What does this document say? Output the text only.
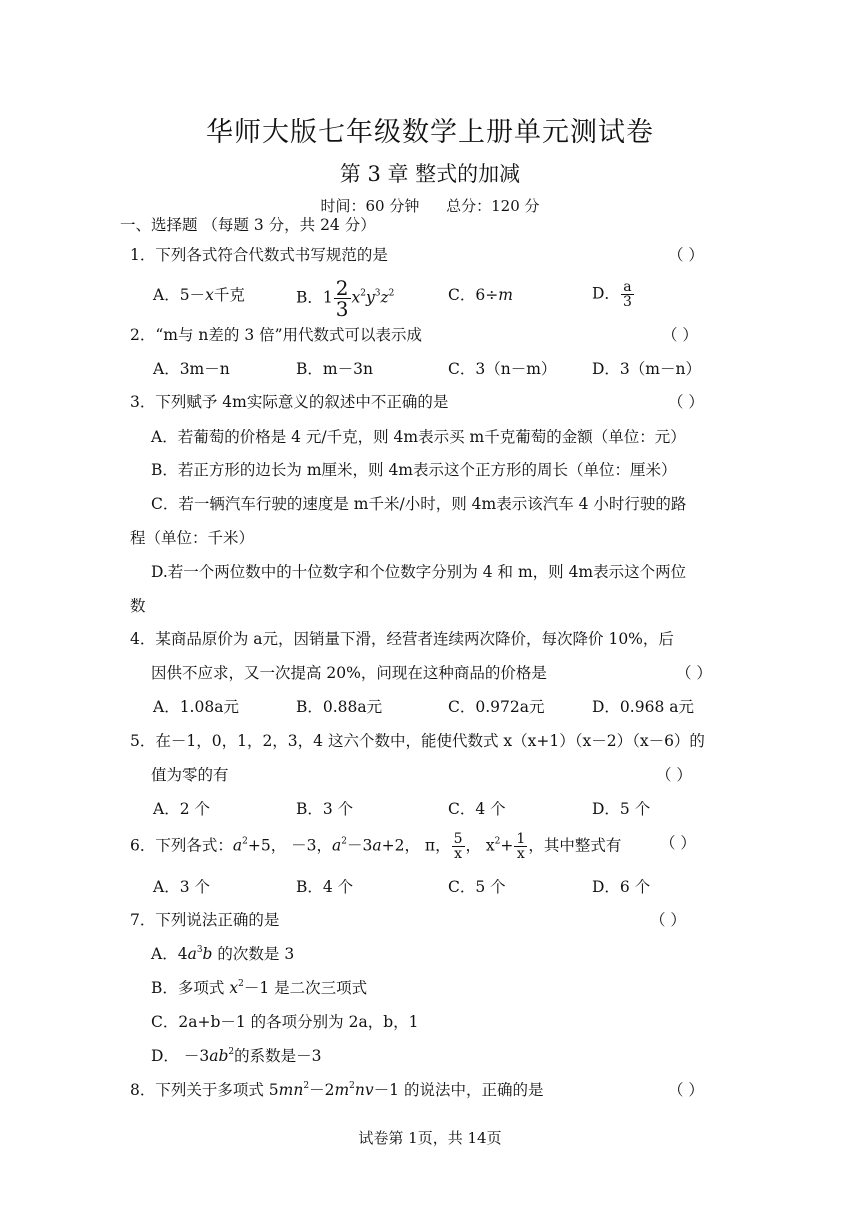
华师大版七年级数学上册单元测试卷
第 3 章 整式的加减
时间：60 分钟 总分：120 分
一、选择题 （每题 3 分，共 24 分）
1．下列各式符合代数式书写规范的是	（ ）
A．5－x千克	B．$1 \frac{2}{3} x^2y^3z^2$	C．6÷m	D． $\frac{a}{3}$
2．“m与 n差的 3 倍”用代数式可以表示成	（ ）
A．3m－n	B．m－3n	C．3（n－m） D．3（m－n）
3．下列赋予 4m实际意义的叙述中不正确的是	（ ）
A．若葡萄的价格是 4 元/千克，则 4m表示买 m千克葡萄的金额（单位：元）
B．若正方形的边长为 m厘米，则 4m表示这个正方形的周长（单位：厘米）
C．若一辆汽车行驶的速度是 m千米/小时，则 4m表示该汽车 4 小时行驶的路
程（单位：千米）
D.若一个两位数中的十位数字和个位数字分别为 4 和 m，则 4m表示这个两位
数
4．某商品原价为 a元，因销量下滑，经营者连续两次降价，每次降价 10%，后
因供不应求，又一次提高 20%，问现在这种商品的价格是	（ ）
A．1.08a元	B．0.88a元	C．0.972a元	D．0.968 a元
5．在－1，0，1，2，3，4 这六个数中，能使代数式 x（x+1）（x－2）（x－6）的
值为零的有	（ ）
A．2 个	B．3 个	C．4 个	D．5 个
6．下列各式：$a^2+5$， －3，$a^2-3a+2$， π， $\frac{5}{x}$ ， $x^2+ \frac{1}{x}$ ，其中整式有 （ ）
A．3 个	B．4 个	C．5 个	D．6 个
7．下列说法正确的是	（ ）
A．$4a^3b$ 的次数是 3
B．多项式 $x^2-1$ 是二次三项式
C．2a+b－1 的各项分别为 2a，b，1
D． $-3ab^2$的系数是－3
8．下列关于多项式 $5mn^2-2m^2nv-1$ 的说法中，正确的是	（ ）
试卷第 1页，共 14页
